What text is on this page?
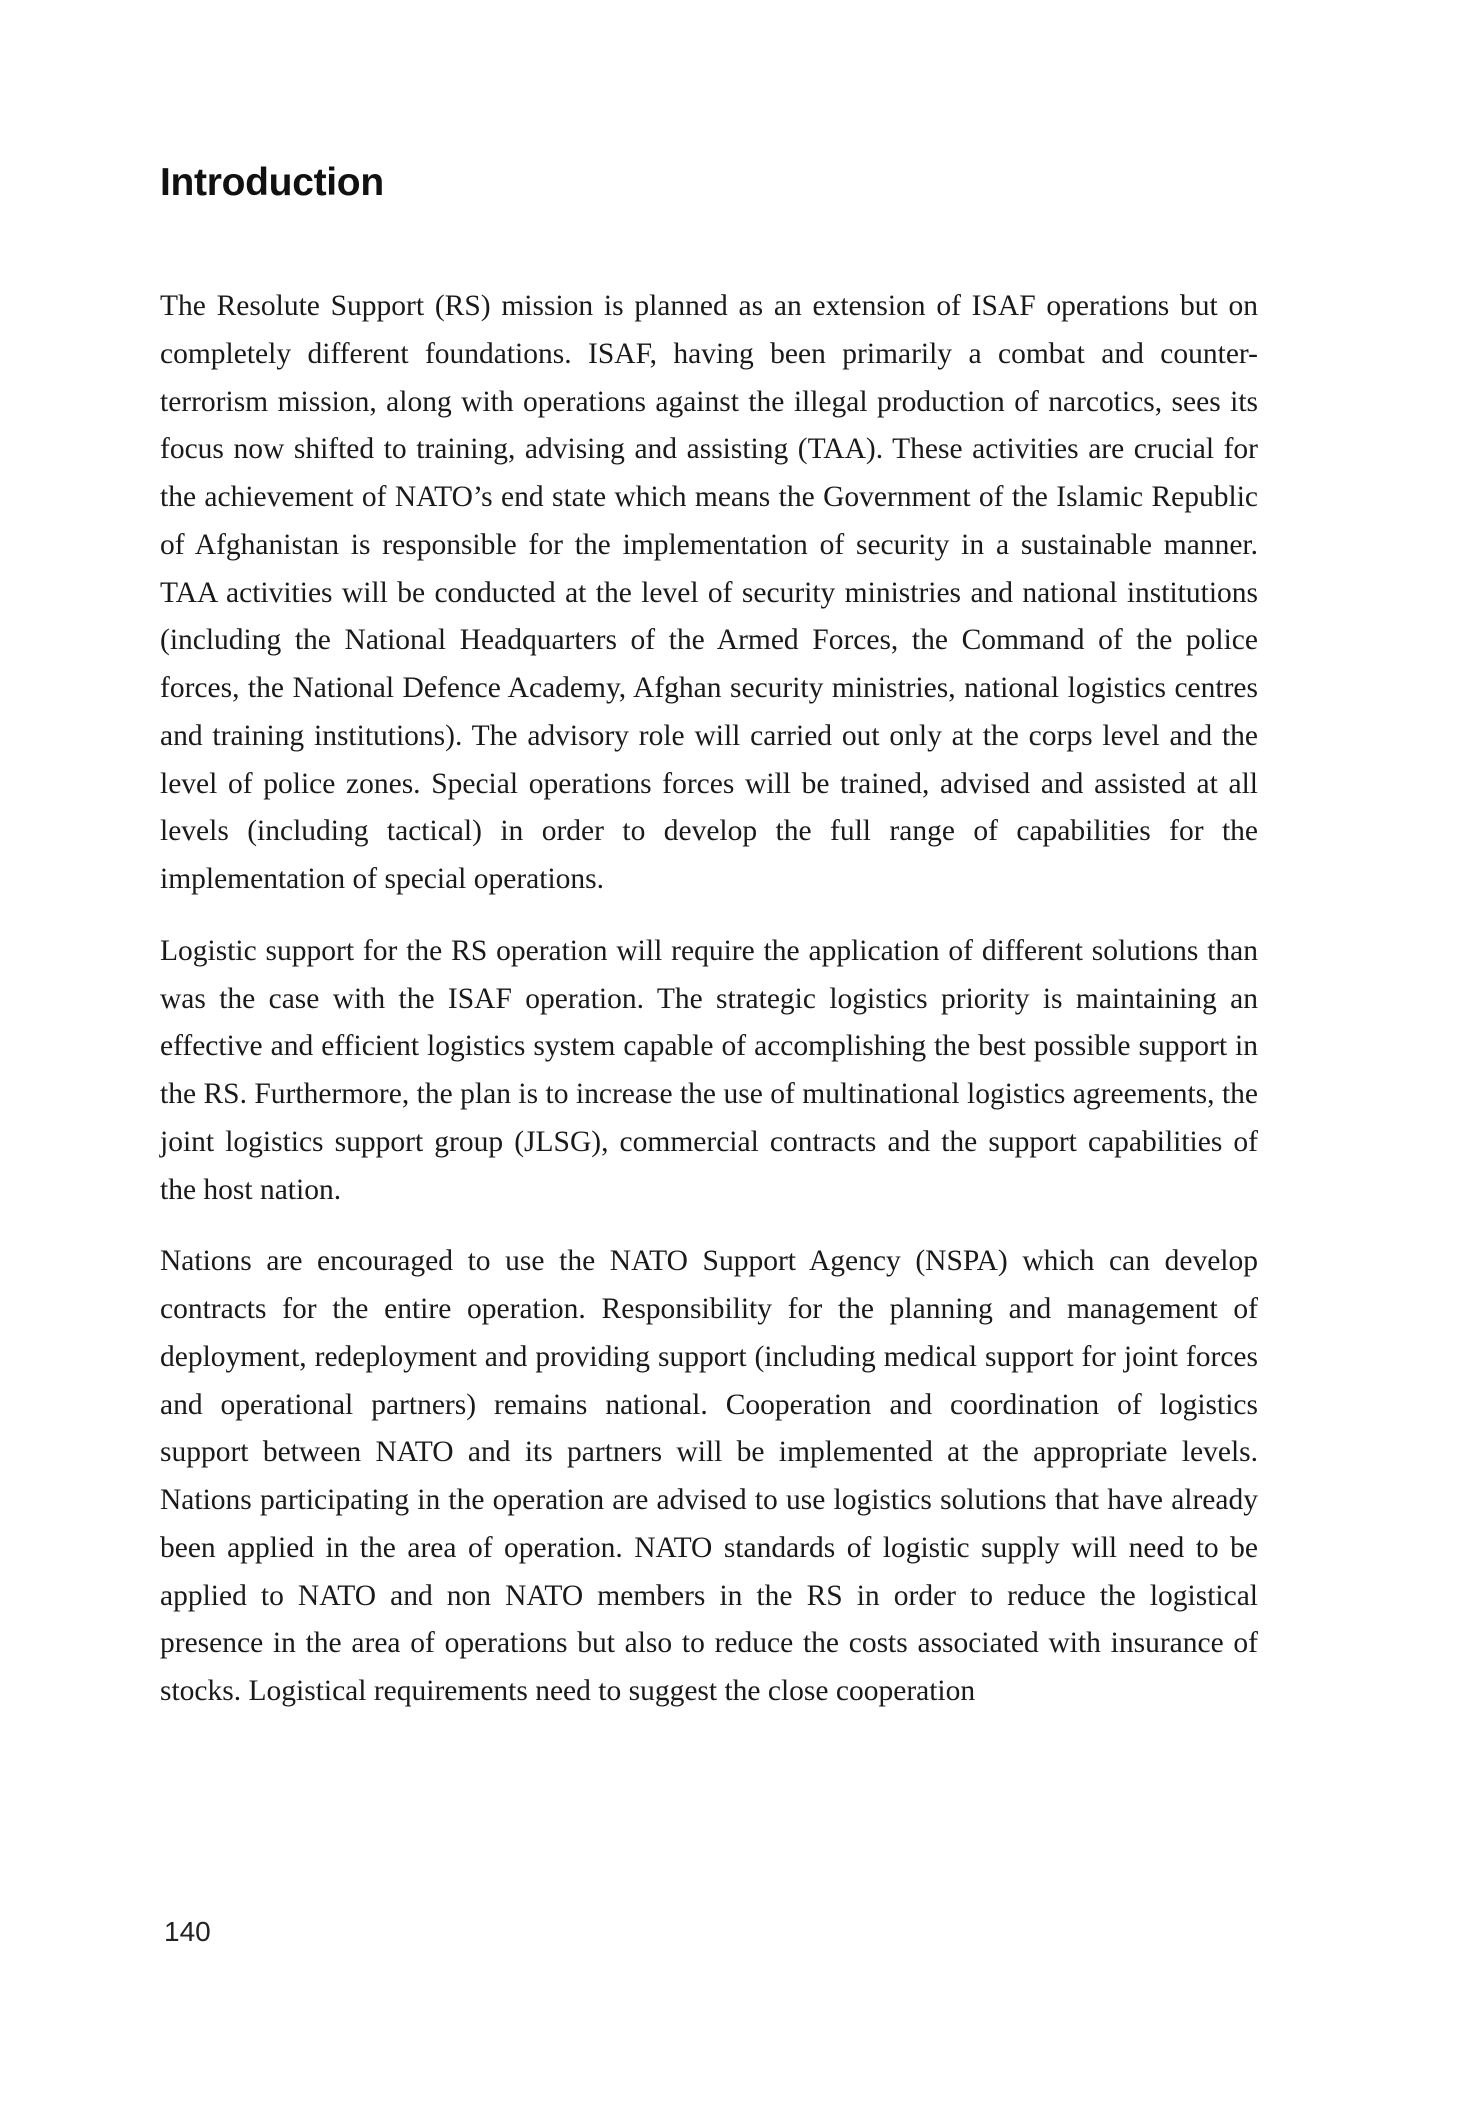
Introduction

The Resolute Support (RS) mission is planned as an extension of ISAF operations but on completely different foundations. ISAF, having been primarily a combat and counter-terrorism mission, along with operations against the illegal production of narcotics, sees its focus now shifted to training, advising and assisting (TAA). These activities are crucial for the achievement of NATO’s end state which means the Government of the Islamic Republic of Afghanistan is responsible for the implementation of security in a sustainable manner. TAA activities will be conducted at the level of security ministries and national institutions (including the National Headquarters of the Armed Forces, the Command of the police forces, the National Defence Academy, Afghan security ministries, national logistics centres and training institutions). The advisory role will carried out only at the corps level and the level of police zones. Special operations forces will be trained, advised and assisted at all levels (including tactical) in order to develop the full range of capabilities for the implementation of special operations.

Logistic support for the RS operation will require the application of different solutions than was the case with the ISAF operation. The strategic logistics priority is maintaining an effective and efficient logistics system capable of accomplishing the best possible support in the RS. Furthermore, the plan is to increase the use of multinational logistics agreements, the joint logistics support group (JLSG), commercial contracts and the support capabilities of the host nation.

Nations are encouraged to use the NATO Support Agency (NSPA) which can develop contracts for the entire operation. Responsibility for the planning and management of deployment, redeployment and providing support (including medical support for joint forces and operational partners) remains national. Cooperation and coordination of logistics support between NATO and its partners will be implemented at the appropriate levels. Nations participating in the operation are advised to use logistics solutions that have already been applied in the area of operation. NATO standards of logistic supply will need to be applied to NATO and non NATO members in the RS in order to reduce the logistical presence in the area of operations but also to reduce the costs associated with insurance of stocks. Logistical requirements need to suggest the close cooperation

140
